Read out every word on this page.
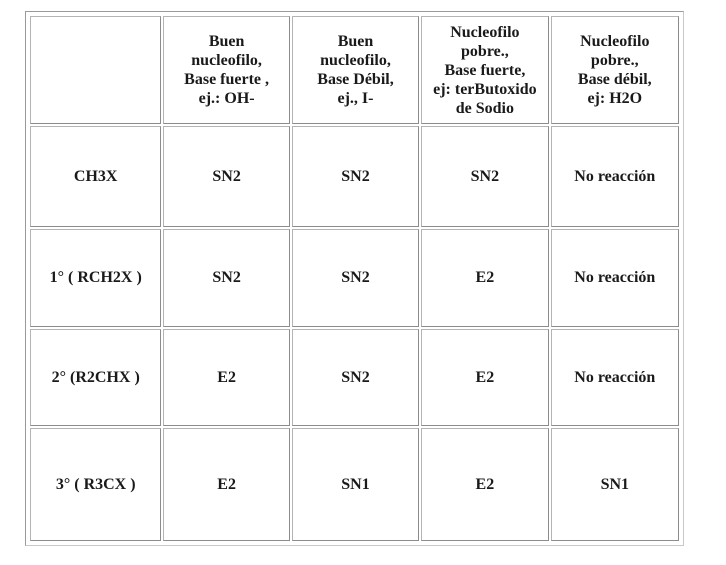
	Buen
nucleofilo,
Base fuerte ,
ej.: OH-	Buen
nucleofilo,
Base Débil,
ej., I-	Nucleofilo
pobre.,
Base fuerte,
ej: terButoxido
de Sodio	Nucleofilo
pobre.,
Base débil,
ej: H2O

CH3X	SN2	SN2	SN2	No reacción
1° ( RCH2X )	SN2	SN2	E2	No reacción
2° (R2CHX )	E2	SN2	E2	No reacción
3° ( R3CX )	E2	SN1	E2	SN1
